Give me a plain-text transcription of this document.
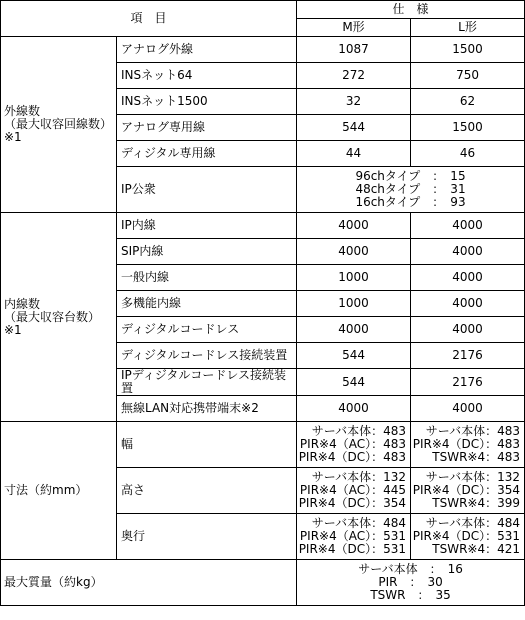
項　目		仕　様	
		M形	L形

外線数
（最大収容回線数）
※1	アナログ外線	1087	1500
	INSネット64	272	750
	INSネット1500	32	62
	アナログ専用線	544	1500
	ディジタル専用線	44	46
	IP公衆	96chタイプ　：　15
48chタイプ　：　31
16chタイプ　：　93	

内線数
（最大収容台数）
※1	IP内線	4000	4000
	SIP内線	4000	4000
	一般内線	1000	4000
	多機能内線	1000	4000
	ディジタルコードレス	4000	4000
	ディジタルコードレス接続装置	544	2176
	IPディジタルコードレス接続装置	544	2176
	無線LAN対応携帯端末※2	4000	4000
寸法（約mm）	幅	サーバ本体：483
PIR※4（AC）：483
PIR※4（DC）：483	サーバ本体：483
PIR※4（DC）：483
TSWR※4：483

	高さ	サーバ本体：132
PIR※4（AC）：445
PIR※4（DC）：354	サーバ本体：132
PIR※4（DC）：354
TSWR※4：399

	奥行	サーバ本体：484
PIR※4（AC）：531
PIR※4（DC）：531	サーバ本体：484
PIR※4（DC）：531
TSWR※4：421

最大質量（約kg）		サーバ本体　：　16
PIR　：　30
TSWR　：　35	
